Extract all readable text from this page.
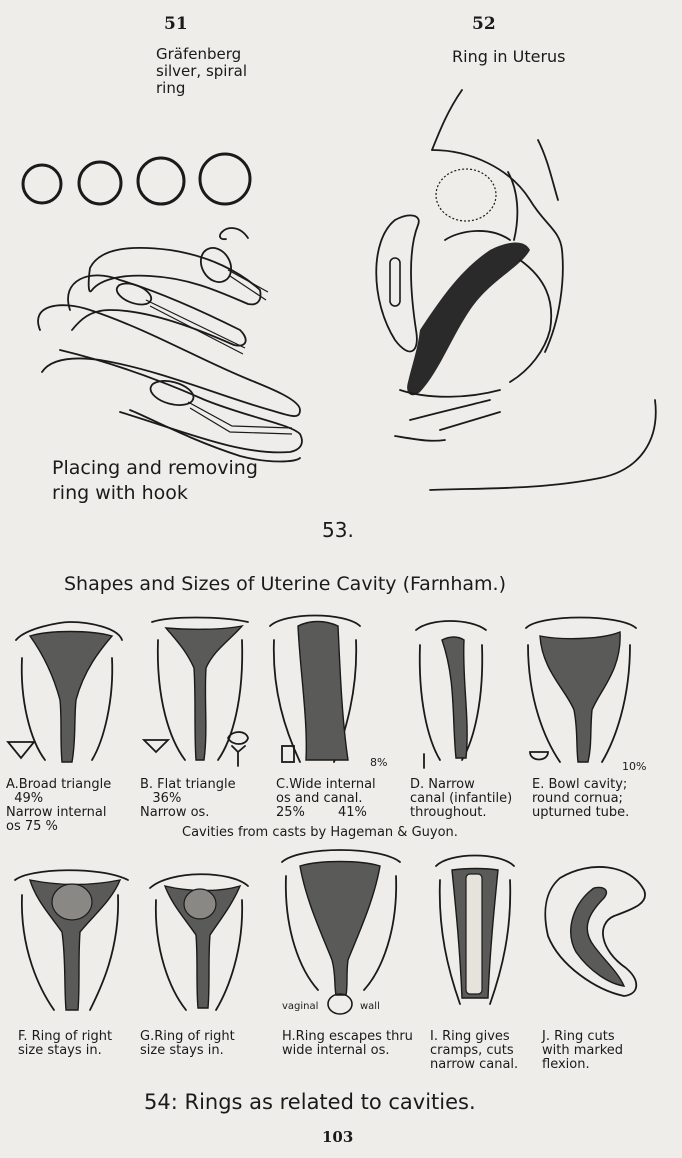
51
Gräfenberg
silver, spiral
ring
Placing and removing
ring with hook
52
Ring in Uterus
53.
Shapes and Sizes of Uterine Cavity (Farnham.)
8%	10%
A.Broad triangle
49%
Narrow internal
os 75 %
B. Flat triangle
36%
Narrow os.
C.Wide internal
os and canal.
25%        41%
D. Narrow
canal (infantile)
throughout.
E. Bowl cavity;
round cornua;
upturned tube.
Cavities from casts by Hageman & Guyon.
vaginal	wall
F. Ring of right
size stays in.
G.Ring of right
size stays in.
H.Ring escapes thru
wide internal os.
I. Ring gives
cramps, cuts
narrow canal.
J. Ring cuts
with marked
flexion.
54: Rings as related to cavities.
103
